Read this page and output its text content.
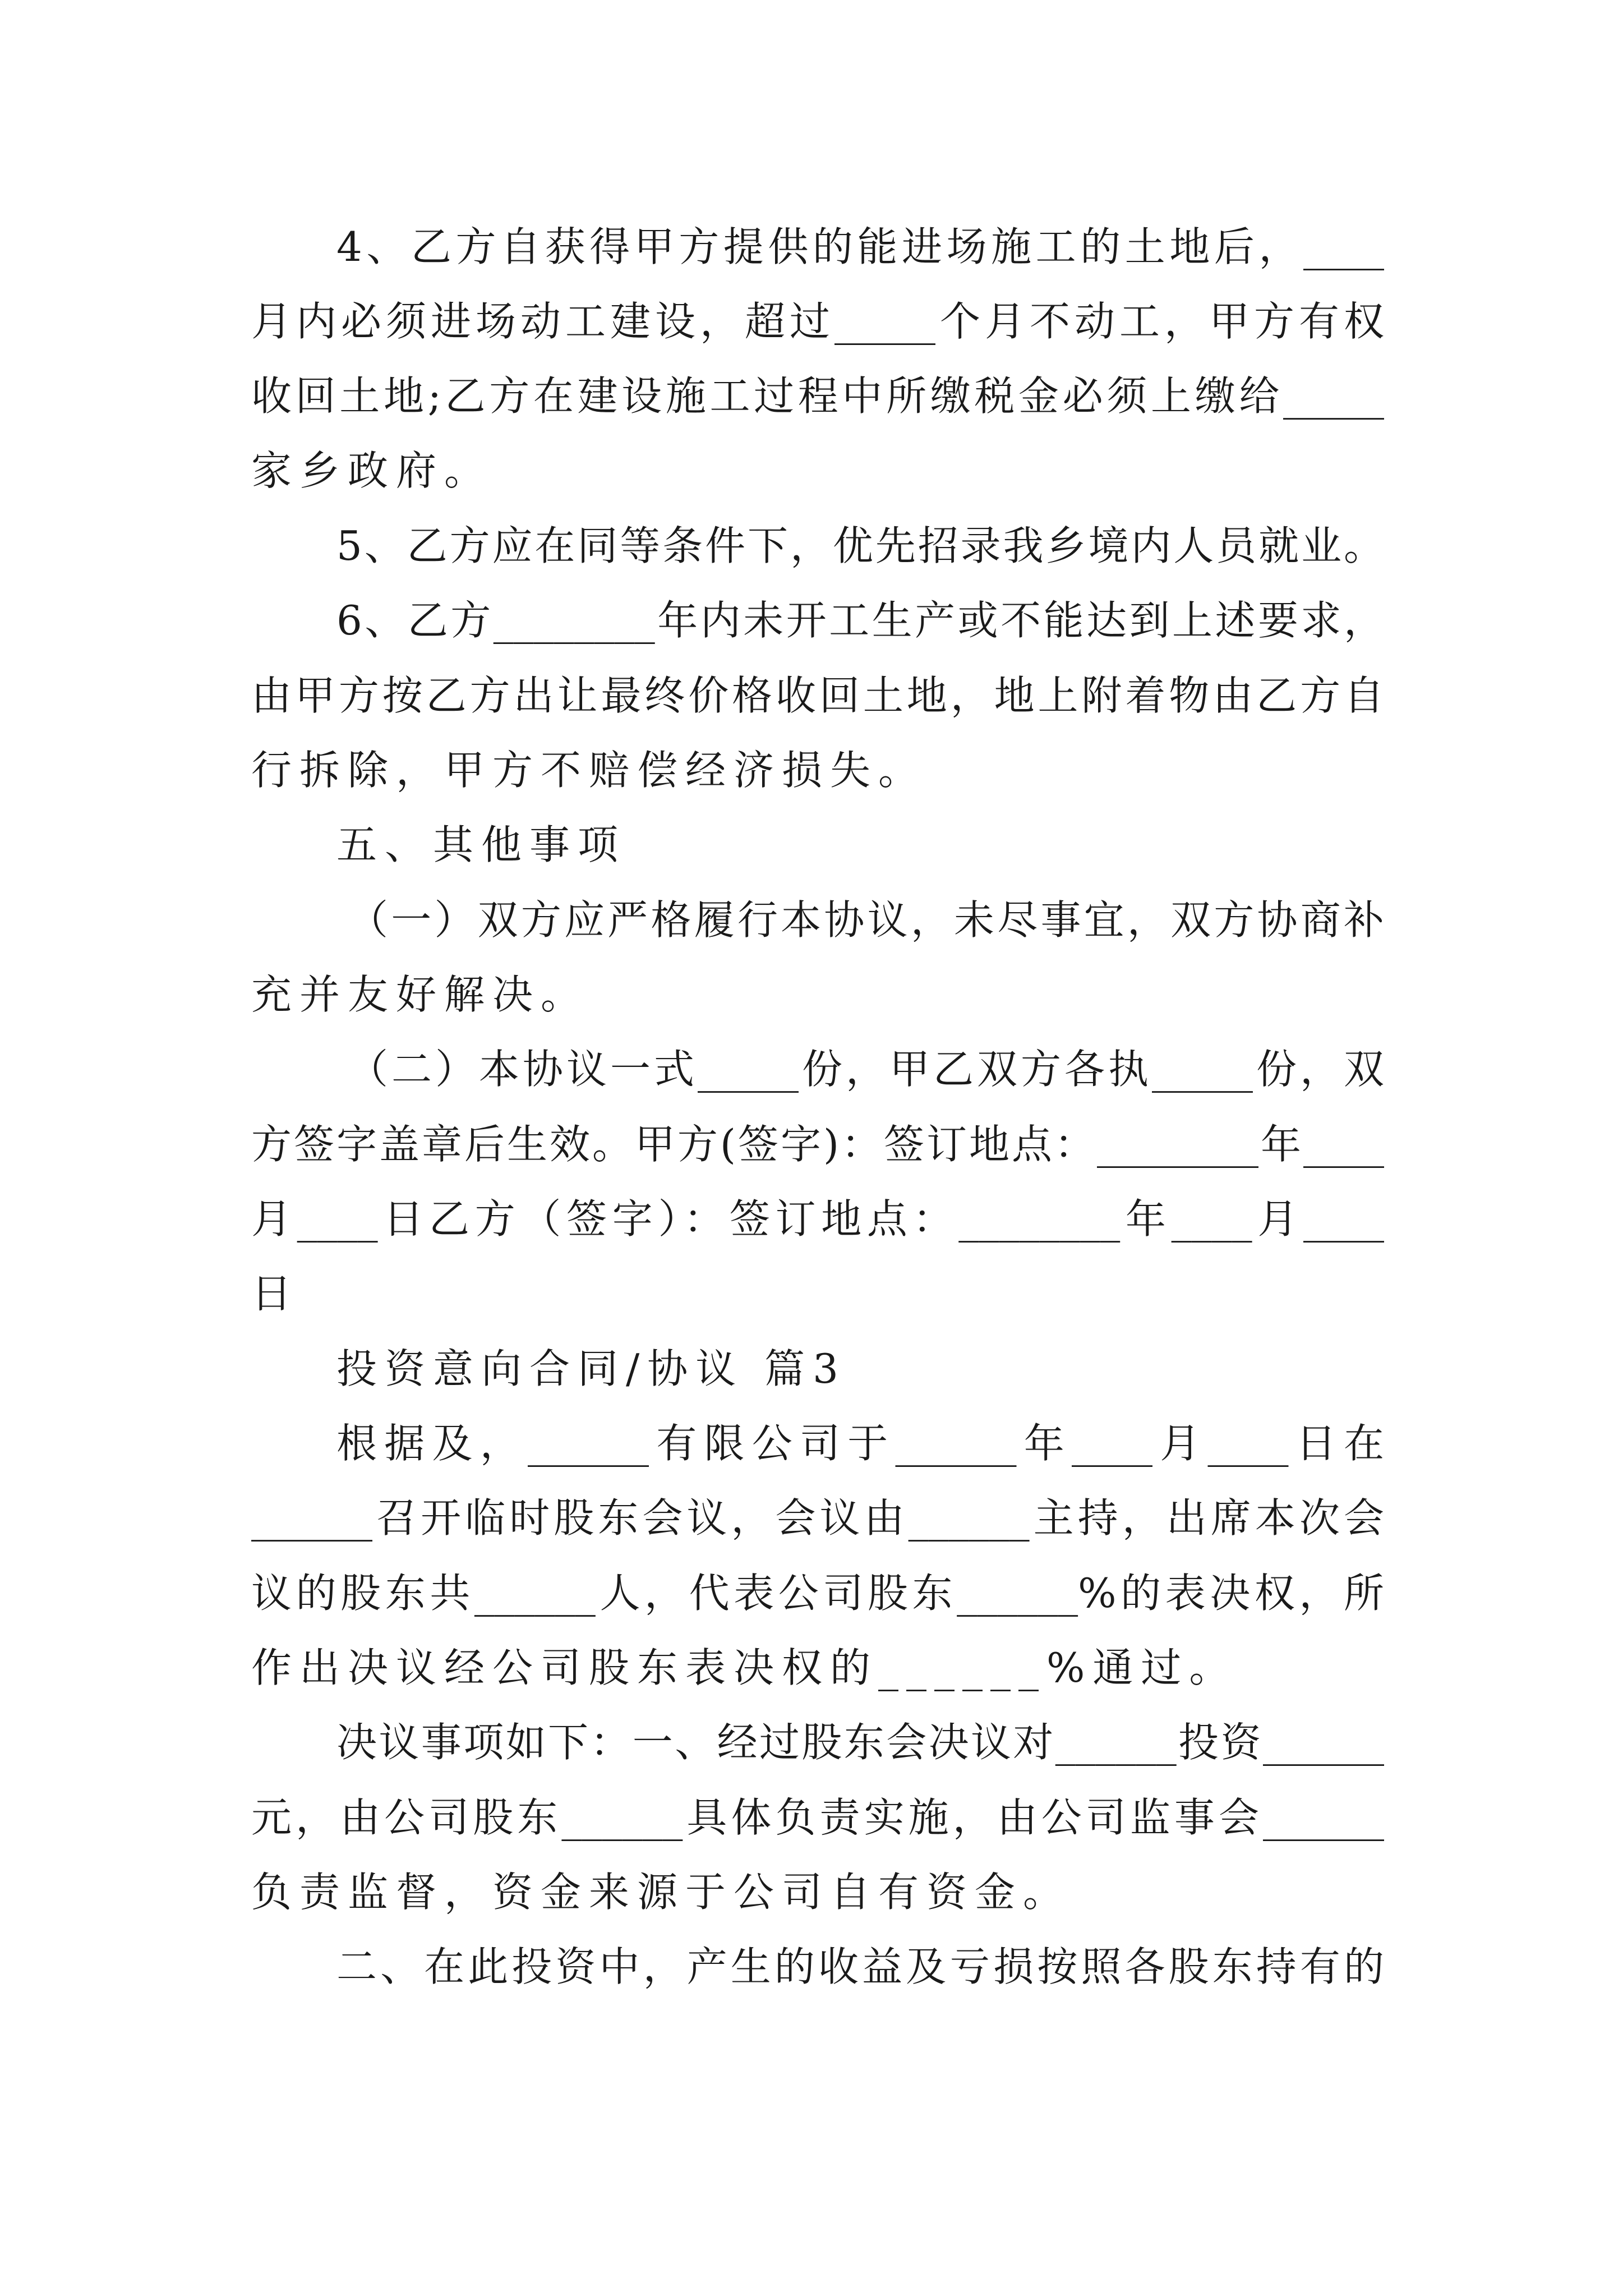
4、乙方自获得甲方提供的能进场施工的土地后，____
月内必须进场动工建设，超过_____个月不动工，甲方有权
收回土地;乙方在建设施工过程中所缴税金必须上缴给_____
家乡政府。
5、乙方应在同等条件下，优先招录我乡境内人员就业。
6、乙方________年内未开工生产或不能达到上述要求，
由甲方按乙方出让最终价格收回土地，地上附着物由乙方自
行拆除，甲方不赔偿经济损失。
五、其他事项
（一）双方应严格履行本协议，未尽事宜，双方协商补
充并友好解决。
（二）本协议一式_____份，甲乙双方各执_____份，双
方签字盖章后生效。甲方(签字)：签订地点：________年____
月____日乙方（签字）：签订地点：________年____月____
日
投资意向合同/协议 篇3
根据及，______有限公司于______年____月____日在
______召开临时股东会议，会议由______主持，出席本次会
议的股东共______人，代表公司股东______%的表决权，所
作出决议经公司股东表决权的______%通过。
决议事项如下：一、经过股东会决议对______投资______
元，由公司股东______具体负责实施，由公司监事会______
负责监督，资金来源于公司自有资金。
二、在此投资中，产生的收益及亏损按照各股东持有的
